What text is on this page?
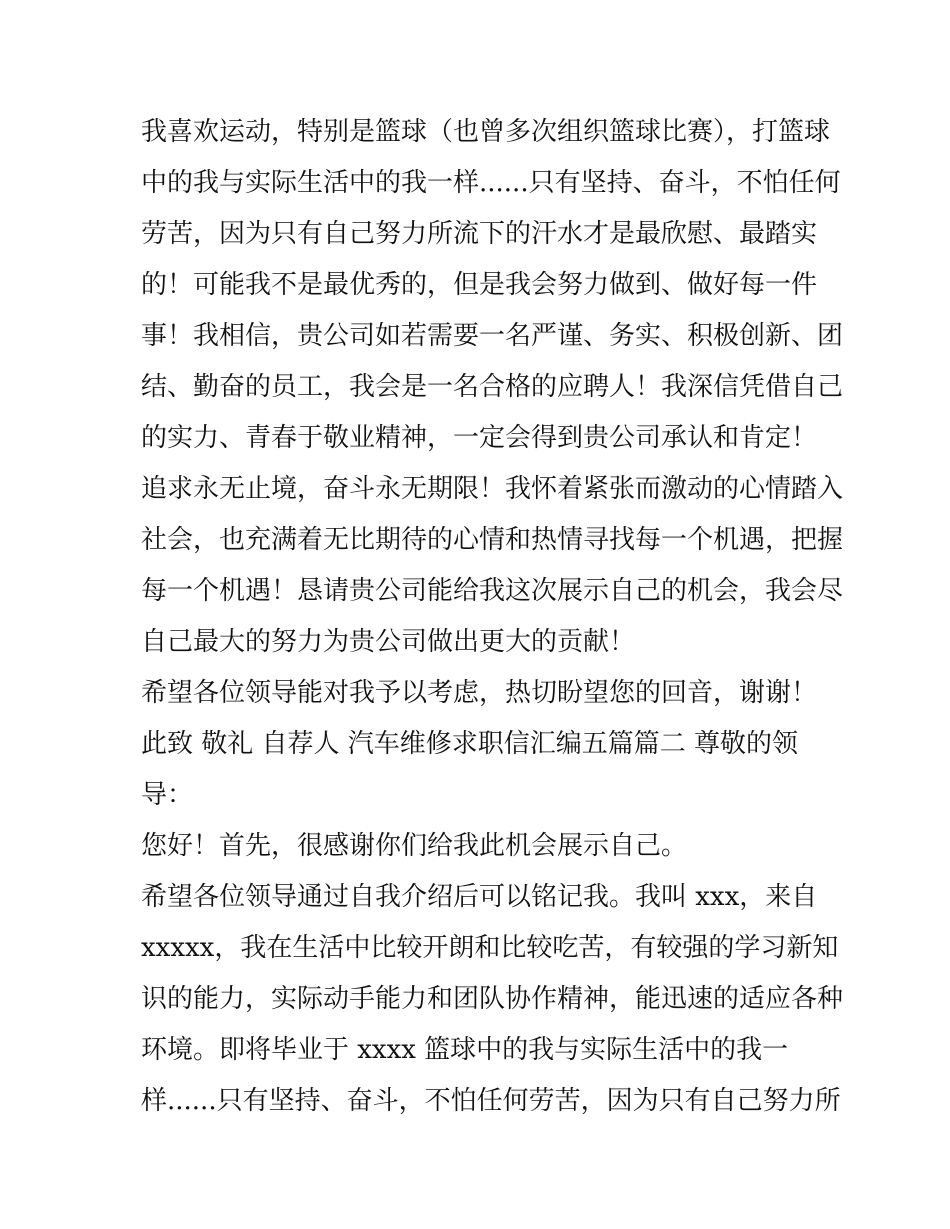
我喜欢运动，特别是篮球（也曾多次组织篮球比赛），打篮球
中的我与实际生活中的我一样......只有坚持、奋斗，不怕任何
劳苦，因为只有自己努力所流下的汗水才是最欣慰、最踏实
的！可能我不是最优秀的，但是我会努力做到、做好每一件
事！我相信，贵公司如若需要一名严谨、务实、积极创新、团
结、勤奋的员工，我会是一名合格的应聘人！我深信凭借自己
的实力、青春于敬业精神，一定会得到贵公司承认和肯定！
追求永无止境，奋斗永无期限！我怀着紧张而激动的心情踏入
社会，也充满着无比期待的心情和热情寻找每一个机遇，把握
每一个机遇！恳请贵公司能给我这次展示自己的机会，我会尽
自己最大的努力为贵公司做出更大的贡献！
希望各位领导能对我予以考虑，热切盼望您的回音，谢谢！
此致 敬礼 自荐人 汽车维修求职信汇编五篇篇二 尊敬的领
导：
您好！首先，很感谢你们给我此机会展示自己。
希望各位领导通过自我介绍后可以铭记我。我叫 xxx，来自
xxxxx，我在生活中比较开朗和比较吃苦，有较强的学习新知
识的能力，实际动手能力和团队协作精神，能迅速的适应各种
环境。即将毕业于 xxxx 篮球中的我与实际生活中的我一
样......只有坚持、奋斗，不怕任何劳苦，因为只有自己努力所
